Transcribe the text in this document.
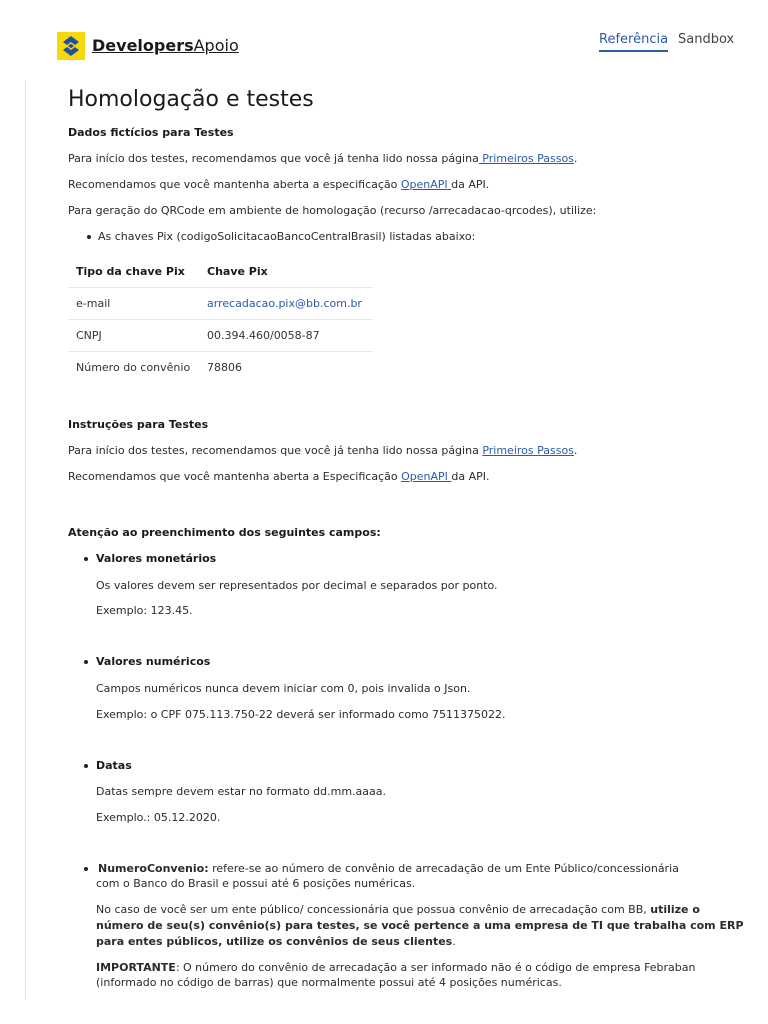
DevelopersApoio	Referência Sandbox
Homologação e testes
Dados fictícios para Testes
Para início dos testes, recomendamos que você já tenha lido nossa página Primeiros Passos.
Recomendamos que você mantenha aberta a especificação OpenAPI da API.
Para geração do QRCode em ambiente de homologação (recurso /arrecadacao-qrcodes), utilize:
As chaves Pix (codigoSolicitacaoBancoCentralBrasil) listadas abaixo:
Tipo da chave Pix	Chave Pix
e-mail	arrecadacao.pix@bb.com.br
CNPJ	00.394.460/0058-87
Número do convênio	78806
Instruções para Testes
Para início dos testes, recomendamos que você já tenha lido nossa página Primeiros Passos.
Recomendamos que você mantenha aberta a Especificação OpenAPI da API.
Atenção ao preenchimento dos seguintes campos:
Valores monetários
Os valores devem ser representados por decimal e separados por ponto.
Exemplo: 123.45.
Valores numéricos
Campos numéricos nunca devem iniciar com 0, pois invalida o Json.
Exemplo: o CPF 075.113.750-22 deverá ser informado como 7511375022.
Datas
Datas sempre devem estar no formato dd.mm.aaaa.
Exemplo.: 05.12.2020.
NumeroConvenio: refere-se ao número de convênio de arrecadação de um Ente Público/concessionária
com o Banco do Brasil e possui até 6 posições numéricas.
No caso de você ser um ente público/ concessionária que possua convênio de arrecadação com BB, utilize o
número de seu(s) convênio(s) para testes, se você pertence a uma empresa de TI que trabalha com ERP
para entes públicos, utilize os convênios de seus clientes.
IMPORTANTE: O número do convênio de arrecadação a ser informado não é o código de empresa Febraban
(informado no código de barras) que normalmente possui até 4 posições numéricas.
